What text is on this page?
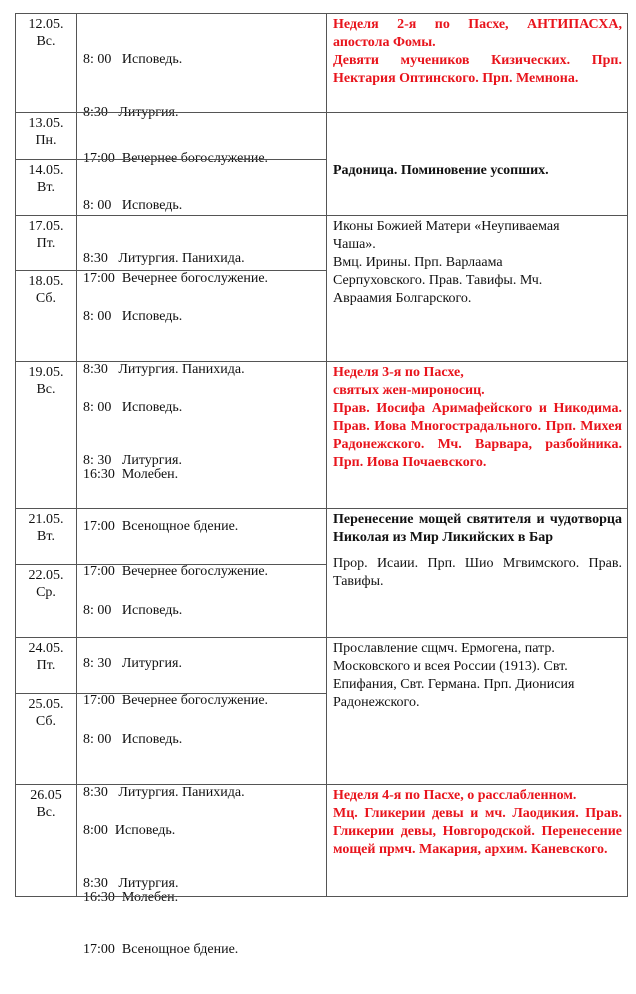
12.05.
Вс.

8: 00   Исповедь.

8:30   Литургия.

Неделя 2-я по Пасхе, АНТИПАСХА, апостола Фомы.

Девяти мучеников Кизических. Прп. Нектария Оптинского. Прп. Мемнона.

13.05.
Пн.

17:00  Вечернее богослужение.

14.05.
Вт.

8: 00   Исповедь.

8:30   Литургия. Панихида.

Радоница. Поминовение усопших.

17.05.
Пт.

17:00  Вечернее богослужение.

18.05.
Сб.

8: 00   Исповедь.

8:30   Литургия. Панихида.

16:30  Молебен.

17:00  Всенощное бдение.

Иконы Божией Матери «Неупиваемая Чаша».

Вмц. Ирины. Прп. Варлаама Серпуховского. Прав. Тавифы. Мч. Авраамия Болгарского.

19.05.
Вс.

8: 00   Исповедь.

8: 30   Литургия.

Неделя 3-я по Пасхе,

святых жен-мироносиц.

Прав. Иосифа Аримафейского и Никодима. Прав. Иова Многострадального. Прп. Михея Радонежского. Мч. Варвара, разбойника. Прп. Иова Почаевского.

21.05.
Вт.

17:00  Вечернее богослужение.

22.05.
Ср.

8: 00   Исповедь.

8: 30   Литургия.

Перенесение мощей святителя и чудотворца Николая из Мир Ликийских в Бар

Прор. Исаии. Прп. Шио Мгвимского. Прав. Тавифы.

24.05.
Пт.

17:00  Вечернее богослужение.

25.05.
Сб.

8: 00   Исповедь.

8:30   Литургия. Панихида.

16:30  Молебен.

17:00  Всенощное бдение.

Прославление сщмч. Ермогена, патр. Московского и всея России (1913). Свт. Епифания, Свт. Германа. Прп. Дионисия Радонежского.

26.05
Вс.

8:00  Исповедь.

8:30   Литургия.

Неделя 4-я по Пасхе, о расслабленном.

Мц. Гликерии девы и мч. Лаодикия. Прав. Гликерии девы, Новгородской. Перенесение мощей прмч. Макария, архим. Каневского.
